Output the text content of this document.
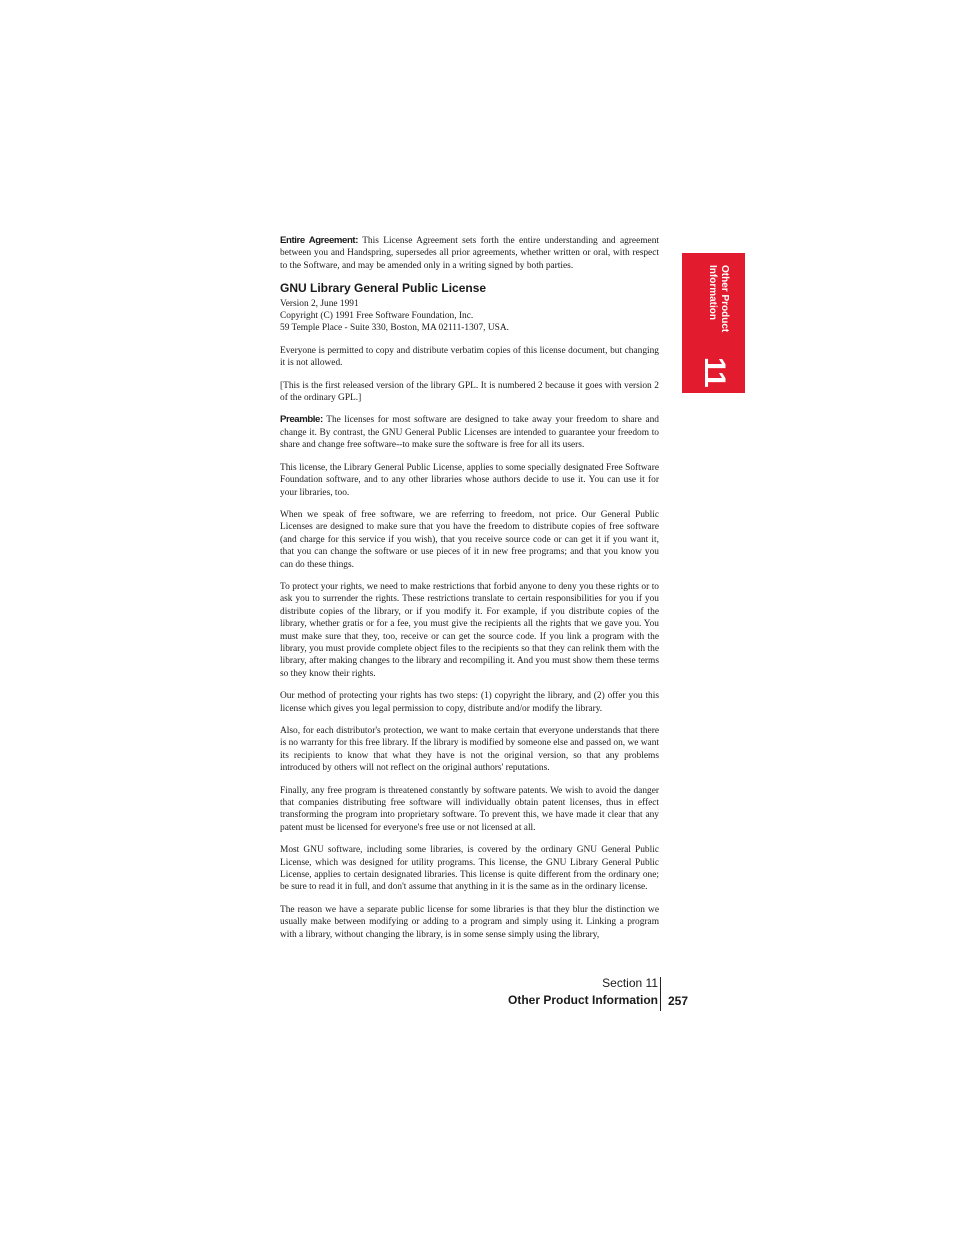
Other Product
Information
11

Entire Agreement: This License Agreement sets forth the entire understanding and agreement between you and Handspring, supersedes all prior agreements, whether written or oral, with respect to the Software, and may be amended only in a writing signed by both parties.

GNU Library General Public License
Version 2, June 1991
Copyright (C) 1991 Free Software Foundation, Inc.
59 Temple Place - Suite 330, Boston, MA 02111-1307, USA.

Everyone is permitted to copy and distribute verbatim copies of this license document, but changing it is not allowed.

[This is the first released version of the library GPL. It is numbered 2 because it goes with version 2 of the ordinary GPL.]

Preamble: The licenses for most software are designed to take away your freedom to share and change it. By contrast, the GNU General Public Licenses are intended to guarantee your freedom to share and change free software--to make sure the software is free for all its users.

This license, the Library General Public License, applies to some specially designated Free Software Foundation software, and to any other libraries whose authors decide to use it. You can use it for your libraries, too.

When we speak of free software, we are referring to freedom, not price. Our General Public Licenses are designed to make sure that you have the freedom to distribute copies of free software (and charge for this service if you wish), that you receive source code or can get it if you want it, that you can change the software or use pieces of it in new free programs; and that you know you can do these things.

To protect your rights, we need to make restrictions that forbid anyone to deny you these rights or to ask you to surrender the rights. These restrictions translate to certain responsibilities for you if you distribute copies of the library, or if you modify it. For example, if you distribute copies of the library, whether gratis or for a fee, you must give the recipients all the rights that we gave you. You must make sure that they, too, receive or can get the source code. If you link a program with the library, you must provide complete object files to the recipients so that they can relink them with the library, after making changes to the library and recompiling it. And you must show them these terms so they know their rights.

Our method of protecting your rights has two steps: (1) copyright the library, and (2) offer you this license which gives you legal permission to copy, distribute and/or modify the library.

Also, for each distributor's protection, we want to make certain that everyone understands that there is no warranty for this free library. If the library is modified by someone else and passed on, we want its recipients to know that what they have is not the original version, so that any problems introduced by others will not reflect on the original authors' reputations.

Finally, any free program is threatened constantly by software patents. We wish to avoid the danger that companies distributing free software will individually obtain patent licenses, thus in effect transforming the program into proprietary software. To prevent this, we have made it clear that any patent must be licensed for everyone's free use or not licensed at all.

Most GNU software, including some libraries, is covered by the ordinary GNU General Public License, which was designed for utility programs. This license, the GNU Library General Public License, applies to certain designated libraries. This license is quite different from the ordinary one; be sure to read it in full, and don't assume that anything in it is the same as in the ordinary license.

The reason we have a separate public license for some libraries is that they blur the distinction we usually make between modifying or adding to a program and simply using it. Linking a program with a library, without changing the library, is in some sense simply using the library,

Section 11
Other Product Information 257
